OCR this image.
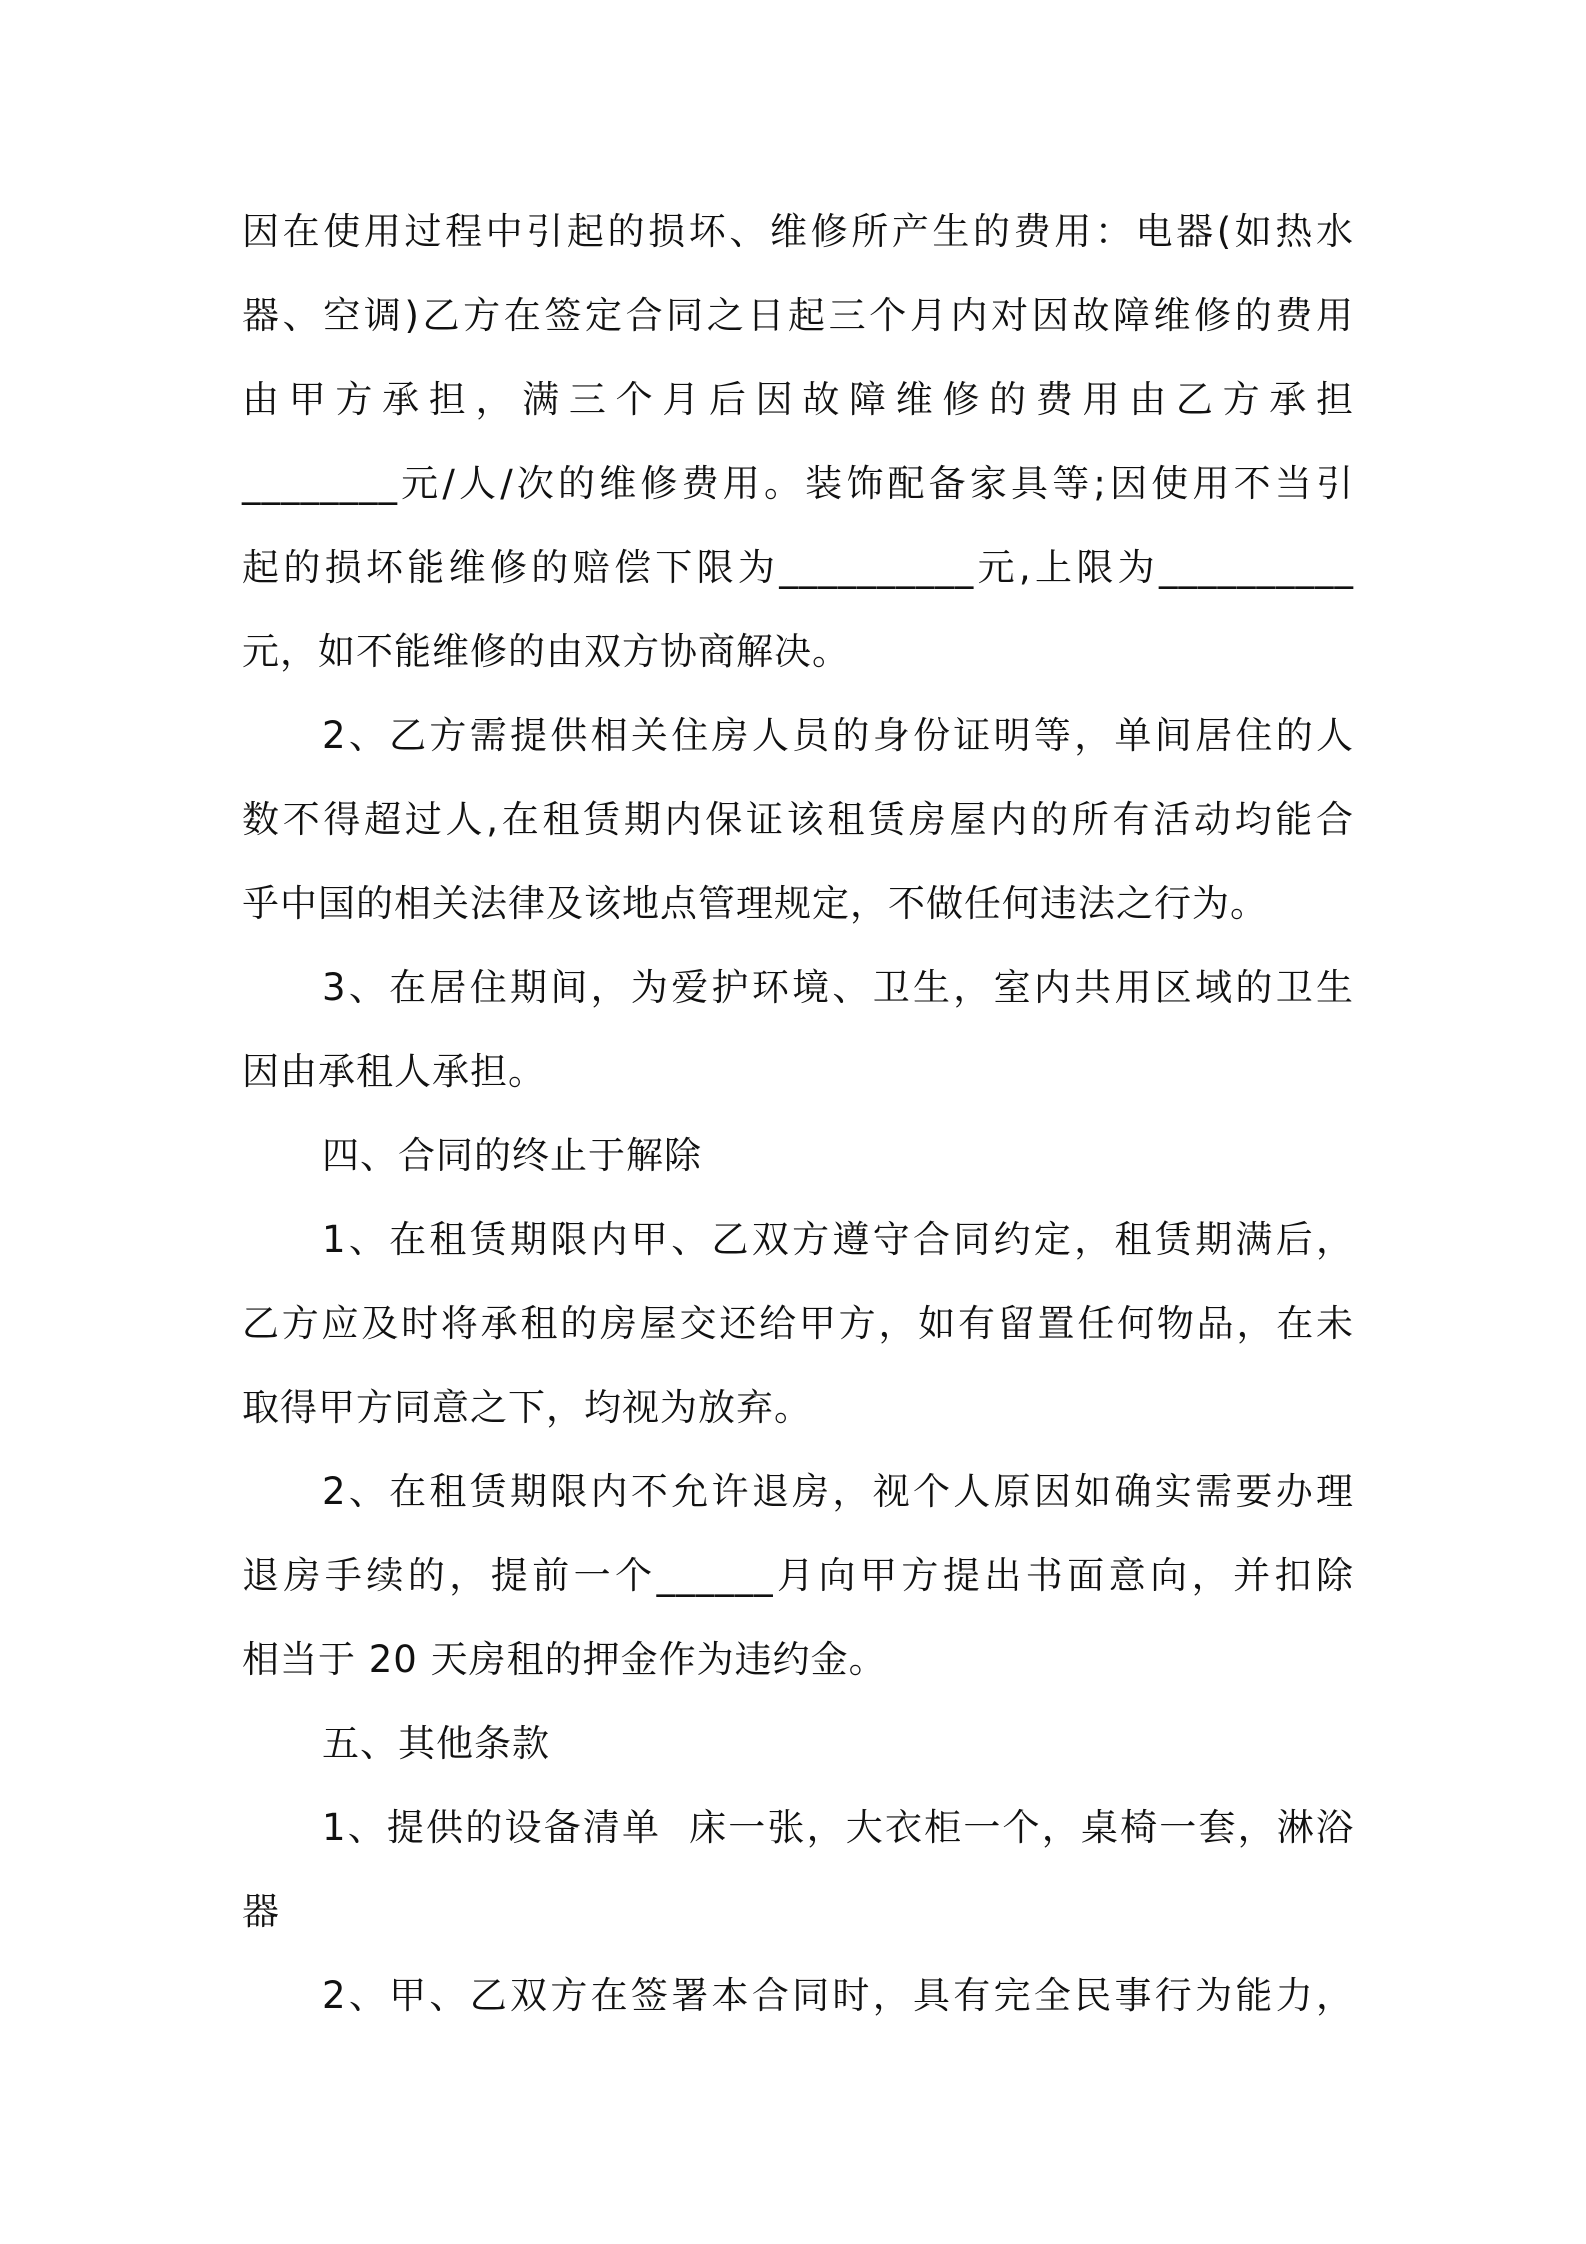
因在使用过程中引起的损坏、维修所产生的费用：电器(如热水
器、空调)乙方在签定合同之日起三个月内对因故障维修的费用
由甲方承担，满三个月后因故障维修的费用由乙方承担
________元/人/次的维修费用。装饰配备家具等;因使用不当引
起的损坏能维修的赔偿下限为__________元,上限为__________
元，如不能维修的由双方协商解决。
2、乙方需提供相关住房人员的身份证明等，单间居住的人
数不得超过人,在租赁期内保证该租赁房屋内的所有活动均能合
乎中国的相关法律及该地点管理规定，不做任何违法之行为。
3、在居住期间，为爱护环境、卫生，室内共用区域的卫生
因由承租人承担。
四、合同的终止于解除
1、在租赁期限内甲、乙双方遵守合同约定，租赁期满后，
乙方应及时将承租的房屋交还给甲方，如有留置任何物品，在未
取得甲方同意之下，均视为放弃。
2、在租赁期限内不允许退房，视个人原因如确实需要办理
退房手续的，提前一个______月向甲方提出书面意向，并扣除
相当于 20 天房租的押金作为违约金。
五、其他条款
1、提供的设备清单  床一张，大衣柜一个，桌椅一套，淋浴
器
2、甲、乙双方在签署本合同时，具有完全民事行为能力，
